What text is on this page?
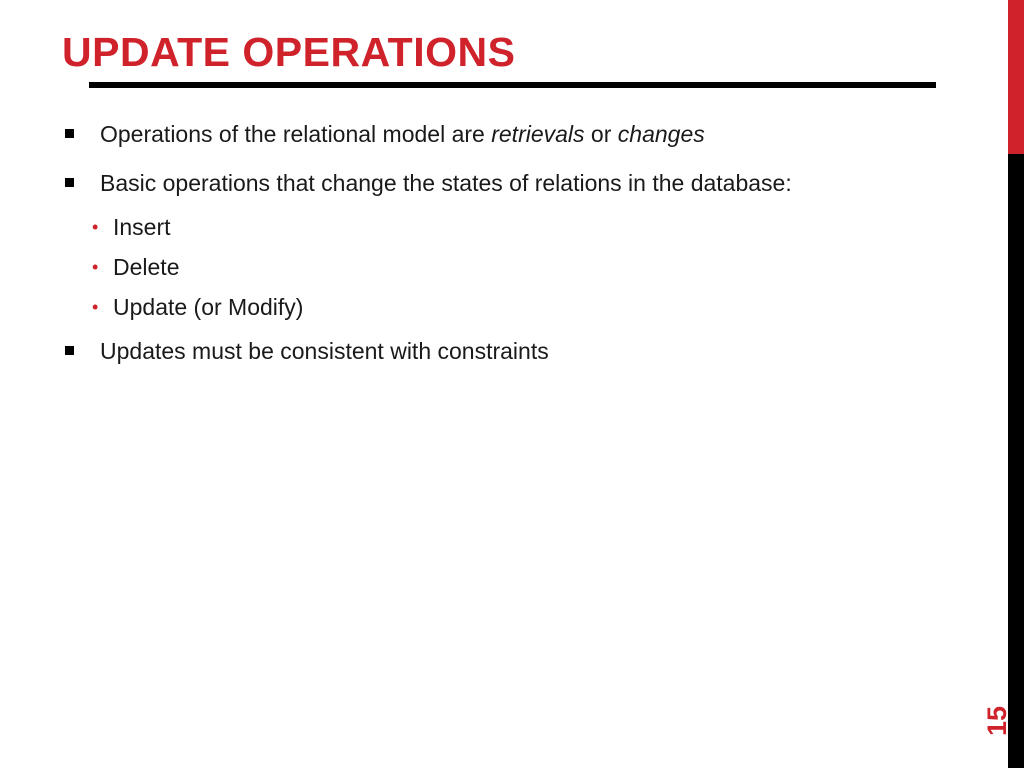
UPDATE OPERATIONS
15
Operations of the relational model are retrievals or changes
Basic operations that change the states of relations in the database:
• Insert
• Delete
• Update (or Modify)
Updates must be consistent with constraints
